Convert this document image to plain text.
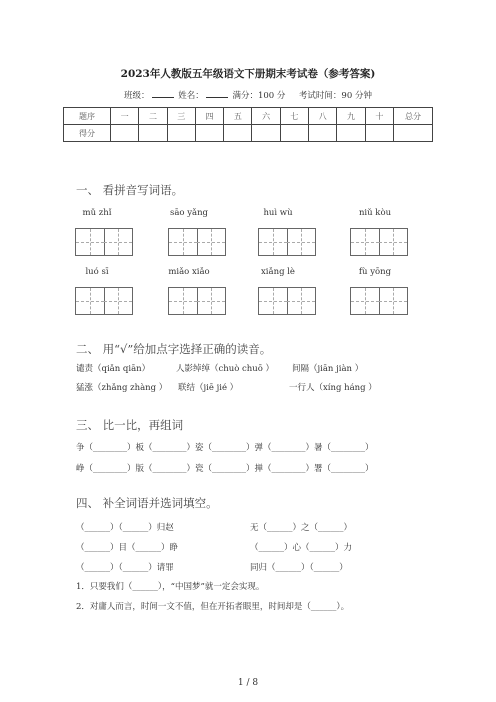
2023年人教版五年级语文下册期末考试卷（参考答案)
班级：	姓名：	满分：100 分 考试时间：90 分钟
题序	一	二	三	四	五	六	七	八	九	十	总分
得分											
一、 看拼音写词语。
mǔ zhǐ	sāo yǎng	huì wù	niǔ kòu
luó sī	miǎo xiǎo	xiǎng lè	fù yōng
二、 用“√”给加点字选择正确的读音。
谴责（qiǎn qiān）	人影绰绰（chuò chuō ） 间隔（jiān jiàn ）
猛涨（zhǎng zhàng ） 联结（jiē jié ）	一行人（xíng háng ）
三、 比一比，再组词
争（________）板（________）姿（________）弹（________）暑（________）
峥（________）版（________）瓷（________）掸（________）署（________）
四、 补全词语并选词填空。
（______）（______）归赵	无（______）之（______）
（______）目（______）睁	（______）心（______）力
（______）（______）请罪	同归（______）（______）
1．只要我们（______），“中国梦”就一定会实现。
2．对庸人而言，时间一文不值，但在开拓者眼里，时间却是（______）。
1 / 8
